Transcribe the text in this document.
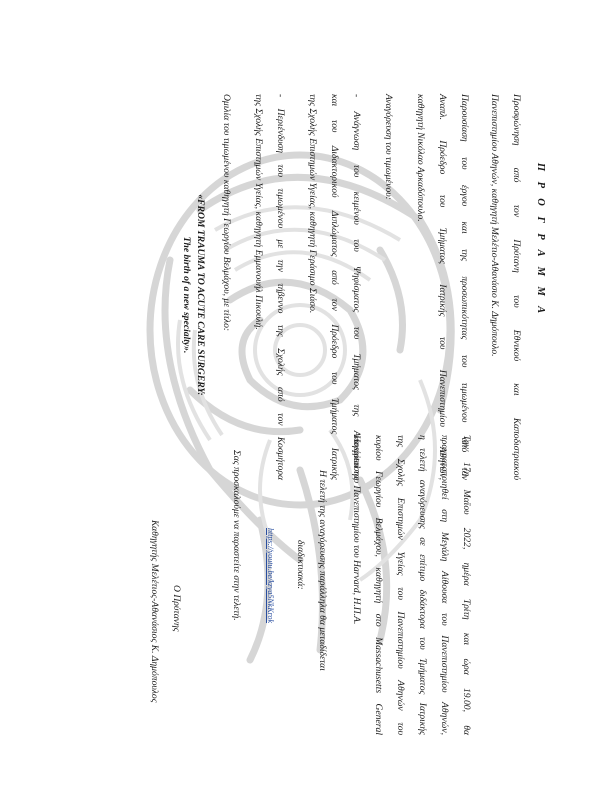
Π Ρ Ο Γ Ρ Α Μ Μ Α
Προσφώνηση από τον Πρύτανη του Εθνικού και Καποδιστριακού
Πανεπιστημίου Αθηνών, καθηγητή Μελέτιο-Αθανάσιο Κ. Δημόπουλο.
Παρουσίαση του έργου και της προσωπικότητας του τιμωμένου από τον
Αναπλ. Πρόεδρο του Τμήματος Ιατρικής του Πανεπιστημίου Αθηνών,
καθηγητή Νικόλαο Αρκαδόπουλο.
Αναγόρευση του τιμωμένου:
- Ανάγνωση του κειμένου του Ψηφίσματος του Τμήματος της Αναγόρευσης
και του Διδακτορικού Διπλώματος από τον Πρόεδρο του Τμήματος Ιατρικής
της Σχολής Επιστημών Υγείας, καθηγητή Γεράσιμο Σιάσο.
- Περιένδυση του τιμωμένου με την τήβεννο της Σχολής από τον Κοσμήτορα
της Σχολής Επιστημών Υγείας, καθηγητή Εμμανουήλ Πικουλή.
Ομιλία του τιμωμένου καθηγητή Γεωργίου Βελμάχου, με τίτλο:
«FROM TRAUMA TO ACUTE CARE SURGERY:
The birth of a new specialty».
Την 17η Μαΐου 2022, ημέρα Τρίτη και ώρα 19.00, θα
πραγματοποιηθεί στη Μεγάλη Αίθουσα του Πανεπιστημίου Αθηνών,
η τελετή αναγόρευσης σε επίτιμο διδάκτορα του Τμήματος Ιατρικής
της Σχολής Επιστημών Υγείας του Πανεπιστημίου Αθηνών του
κυρίου Γεωργίου Βελμάχου, καθηγητή στο Massachusetts General
Hospital του Πανεπιστημίου του Harvard, Η.Π.Α.
Η τελετή της αναγόρευσης παράλληλα θα μεταδίδεται
διαδικτυακά:
https://youtu.be/kzya5NkKrok
Σας προσκαλούμε να παραστείτε στην τελετή.
Ο Πρύτανης
Καθηγητής Μελέτιος-Αθανάσιος Κ. Δημόπουλος
